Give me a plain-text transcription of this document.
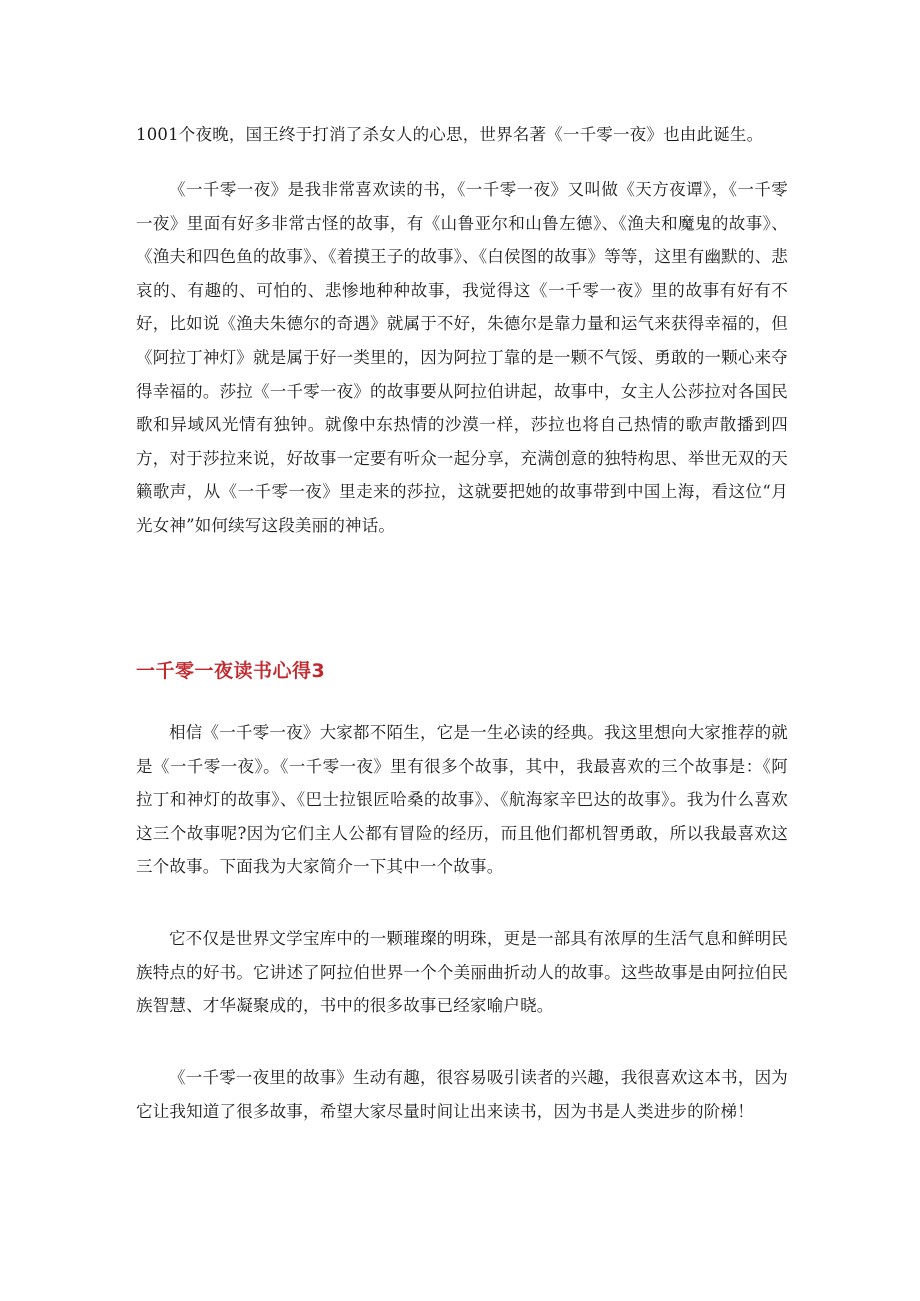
1001个夜晚，国王终于打消了杀女人的心思，世界名著《一千零一夜》也由此诞生。

《一千零一夜》是我非常喜欢读的书，《一千零一夜》又叫做《天方夜谭》，《一千零一夜》里面有好多非常古怪的故事，有《山鲁亚尔和山鲁左德》、《渔夫和魔鬼的故事》、《渔夫和四色鱼的故事》、《着摸王子的故事》、《白侯图的故事》等等，这里有幽默的、悲哀的、有趣的、可怕的、悲惨地种种故事，我觉得这《一千零一夜》里的故事有好有不好，比如说《渔夫朱德尔的奇遇》就属于不好，朱德尔是靠力量和运气来获得幸福的，但《阿拉丁神灯》就是属于好一类里的，因为阿拉丁靠的是一颗不气馁、勇敢的一颗心来夺得幸福的。莎拉《一千零一夜》的故事要从阿拉伯讲起，故事中，女主人公莎拉对各国民歌和异域风光情有独钟。就像中东热情的沙漠一样，莎拉也将自己热情的歌声散播到四方，对于莎拉来说，好故事一定要有听众一起分享，充满创意的独特构思、举世无双的天籁歌声，从《一千零一夜》里走来的莎拉，这就要把她的故事带到中国上海，看这位“月光女神”如何续写这段美丽的神话。

一千零一夜读书心得3

相信《一千零一夜》大家都不陌生，它是一生必读的经典。我这里想向大家推荐的就是《一千零一夜》。《一千零一夜》里有很多个故事，其中，我最喜欢的三个故事是：《阿拉丁和神灯的故事》、《巴士拉银匠哈桑的故事》、《航海家辛巴达的故事》。我为什么喜欢这三个故事呢?因为它们主人公都有冒险的经历，而且他们都机智勇敢，所以我最喜欢这三个故事。下面我为大家简介一下其中一个故事。

它不仅是世界文学宝库中的一颗璀璨的明珠，更是一部具有浓厚的生活气息和鲜明民族特点的好书。它讲述了阿拉伯世界一个个美丽曲折动人的故事。这些故事是由阿拉伯民族智慧、才华凝聚成的，书中的很多故事已经家喻户晓。

《一千零一夜里的故事》生动有趣，很容易吸引读者的兴趣，我很喜欢这本书，因为它让我知道了很多故事，希望大家尽量时间让出来读书，因为书是人类进步的阶梯！
